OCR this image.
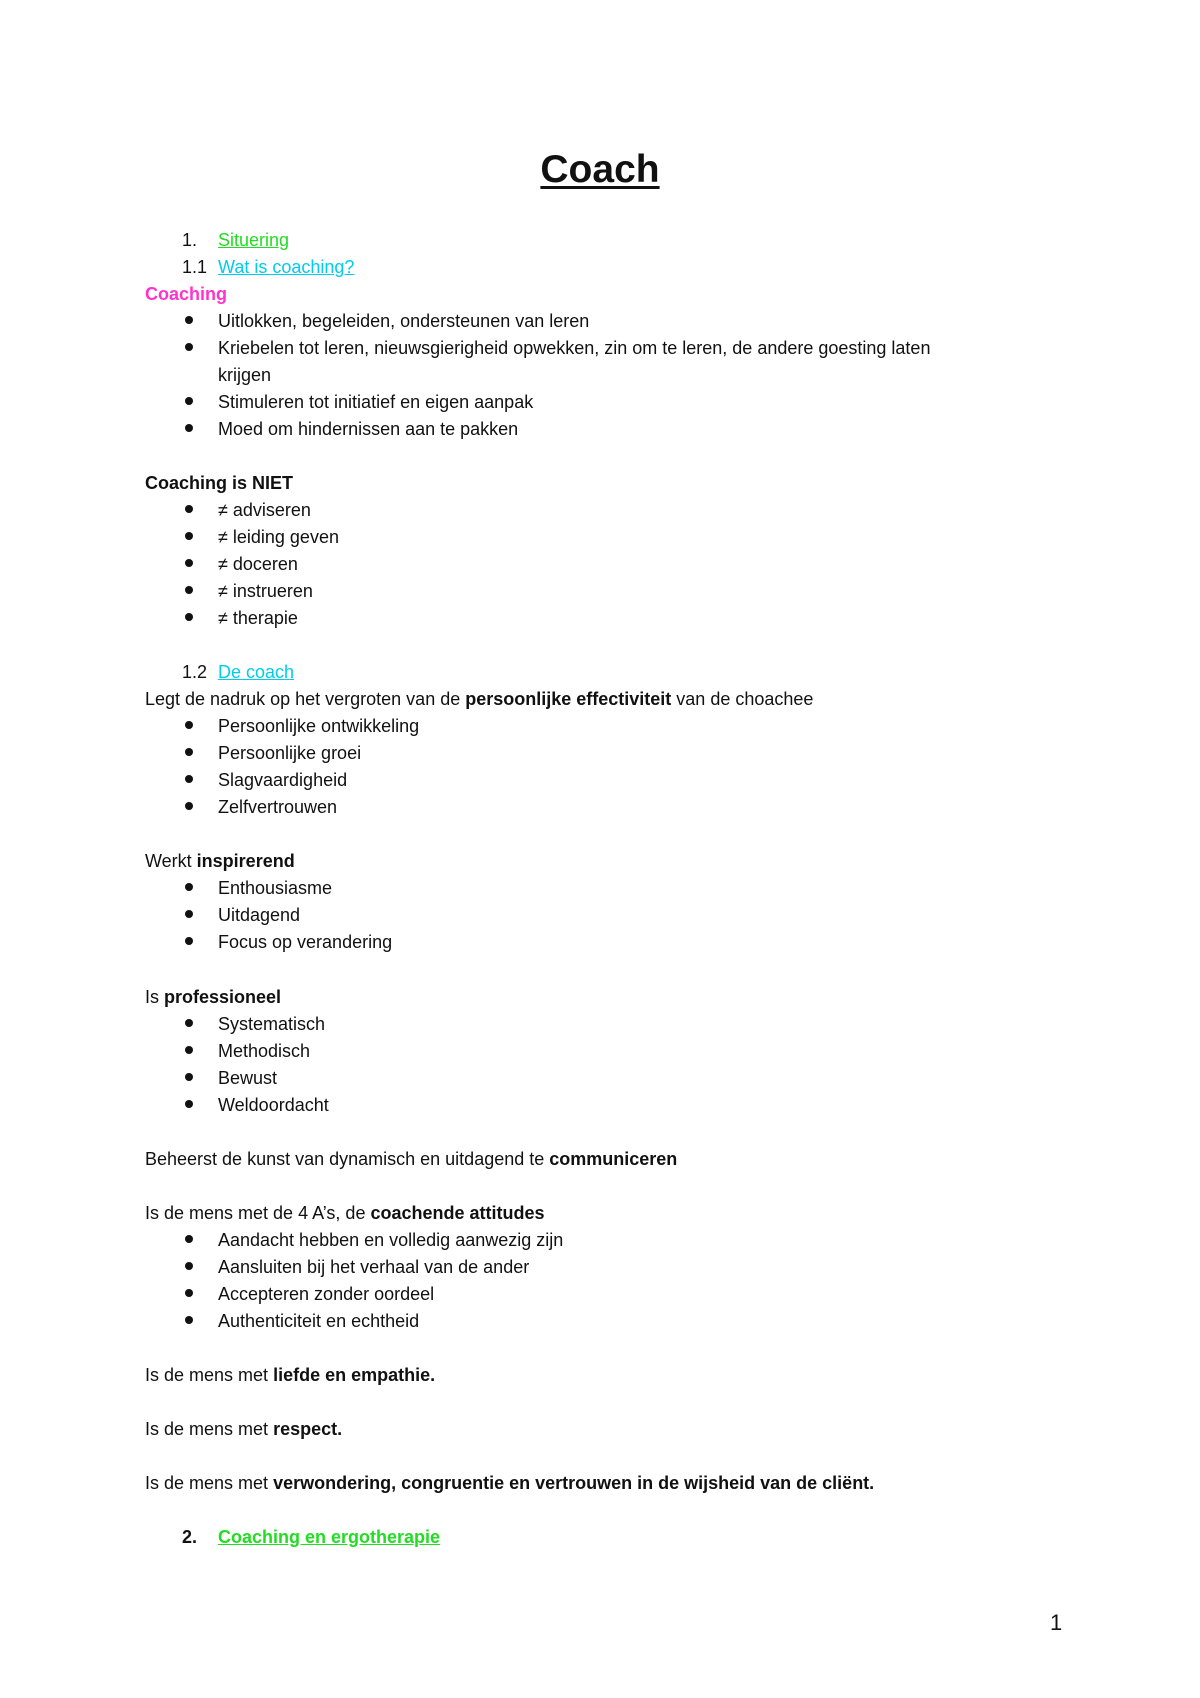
Coach
1. Situering
1.1 Wat is coaching?
Coaching
Uitlokken, begeleiden, ondersteunen van leren
Kriebelen tot leren, nieuwsgierigheid opwekken, zin om te leren, de andere goesting laten
krijgen
Stimuleren tot initiatief en eigen aanpak
Moed om hindernissen aan te pakken
Coaching is NIET
≠ adviseren
≠ leiding geven
≠ doceren
≠ instrueren
≠ therapie
1.2 De coach
Legt de nadruk op het vergroten van de persoonlijke effectiviteit van de choachee
Persoonlijke ontwikkeling
Persoonlijke groei
Slagvaardigheid
Zelfvertrouwen
Werkt inspirerend
Enthousiasme
Uitdagend
Focus op verandering
Is professioneel
Systematisch
Methodisch
Bewust
Weldoordacht
Beheerst de kunst van dynamisch en uitdagend te communiceren
Is de mens met de 4 A’s, de coachende attitudes
Aandacht hebben en volledig aanwezig zijn
Aansluiten bij het verhaal van de ander
Accepteren zonder oordeel
Authenticiteit en echtheid
Is de mens met liefde en empathie.
Is de mens met respect.
Is de mens met verwondering, congruentie en vertrouwen in de wijsheid van de cliënt.
2. Coaching en ergotherapie
1
